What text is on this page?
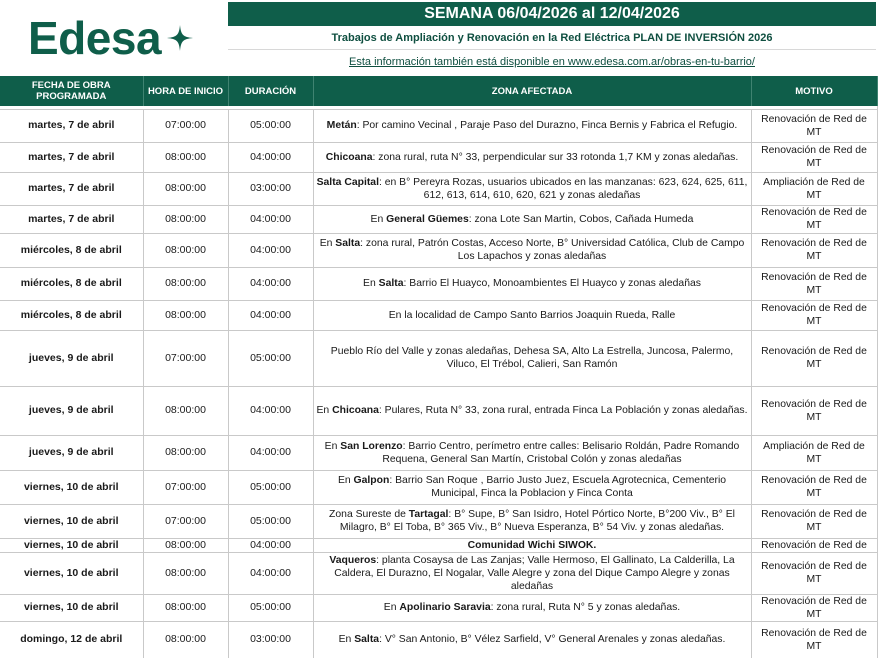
Edesa	SEMANA 06/04/2026 al 12/04/2026
Trabajos de Ampliación y Renovación en la Red Eléctrica PLAN DE INVERSIÓN 2026
Esta información también está disponible en www.edesa.com.ar/obras-en-tu-barrio/
FECHA DE OBRA PROGRAMADA	HORA DE INICIO	DURACIÓN	ZONA AFECTADA	MOTIVO

martes, 7 de abril	07:00:00	05:00:00	Metán: Por camino Vecinal , Paraje Paso del Durazno, Finca Bernis y Fabrica el Refugio.	Renovación de Red de MT
martes, 7 de abril	08:00:00	04:00:00	Chicoana: zona rural, ruta N° 33, perpendicular sur 33 rotonda 1,7 KM y zonas aledañas.	Renovación de Red de MT
martes, 7 de abril	08:00:00	03:00:00	Salta Capital: en B° Pereyra Rozas, usuarios ubicados en las manzanas: 623, 624, 625, 611, 612, 613, 614, 610, 620, 621 y zonas aledañas	Ampliación de Red de MT
martes, 7 de abril	08:00:00	04:00:00	En General Güemes: zona Lote San Martin, Cobos, Cañada Humeda	Renovación de Red de MT
miércoles, 8 de abril	08:00:00	04:00:00	En Salta: zona rural, Patrón Costas, Acceso Norte, B° Universidad Católica, Club de Campo Los Lapachos y zonas aledañas	Renovación de Red de MT
miércoles, 8 de abril	08:00:00	04:00:00	En Salta: Barrio El Huayco, Monoambientes El Huayco y zonas aledañas	Renovación de Red de MT
miércoles, 8 de abril	08:00:00	04:00:00	En la localidad de Campo Santo Barrios Joaquin Rueda, Ralle	Renovación de Red de MT
jueves, 9 de abril	07:00:00	05:00:00	Pueblo Río del Valle y zonas aledañas, Dehesa SA, Alto La Estrella, Juncosa, Palermo, Viluco, El Trébol, Calieri, San Ramón	Renovación de Red de MT
jueves, 9 de abril	08:00:00	04:00:00	En Chicoana: Pulares, Ruta N° 33, zona rural, entrada Finca La Población y zonas aledañas.	Renovación de Red de MT
jueves, 9 de abril	08:00:00	04:00:00	En San Lorenzo: Barrio Centro, perímetro entre calles: Belisario Roldán, Padre Romando Requena, General San Martín, Cristobal Colón y zonas aledañas	Ampliación de Red de MT
viernes, 10 de abril	07:00:00	05:00:00	En Galpon: Barrio San Roque , Barrio Justo Juez, Escuela Agrotecnica, Cementerio Municipal, Finca la Poblacion y Finca Conta	Renovación de Red de MT
viernes, 10 de abril	07:00:00	05:00:00	Zona Sureste de Tartagal: B° Supe, B° San Isidro, Hotel Pórtico Norte, B°200 Viv., B° El Milagro, B° El Toba, B° 365 Viv., B° Nueva Esperanza, B° 54 Viv. y zonas aledañas.	Renovación de Red de MT
viernes, 10 de abril	08:00:00	04:00:00	Comunidad Wichi SIWOK.	Renovación de Red de
viernes, 10 de abril	08:00:00	04:00:00	Vaqueros: planta Cosaysa de Las Zanjas; Valle Hermoso, El Gallinato, La Calderilla, La Caldera, El Durazno, El Nogalar, Valle Alegre y zona del Dique Campo Alegre y zonas aledañas	Renovación de Red de MT
viernes, 10 de abril	08:00:00	05:00:00	En Apolinario Saravia: zona rural, Ruta N° 5 y zonas aledañas.	Renovación de Red de MT
domingo, 12 de abril	08:00:00	03:00:00	En Salta: V° San Antonio, B° Vélez Sarfield, V° General Arenales y zonas aledañas.	Renovación de Red de MT
